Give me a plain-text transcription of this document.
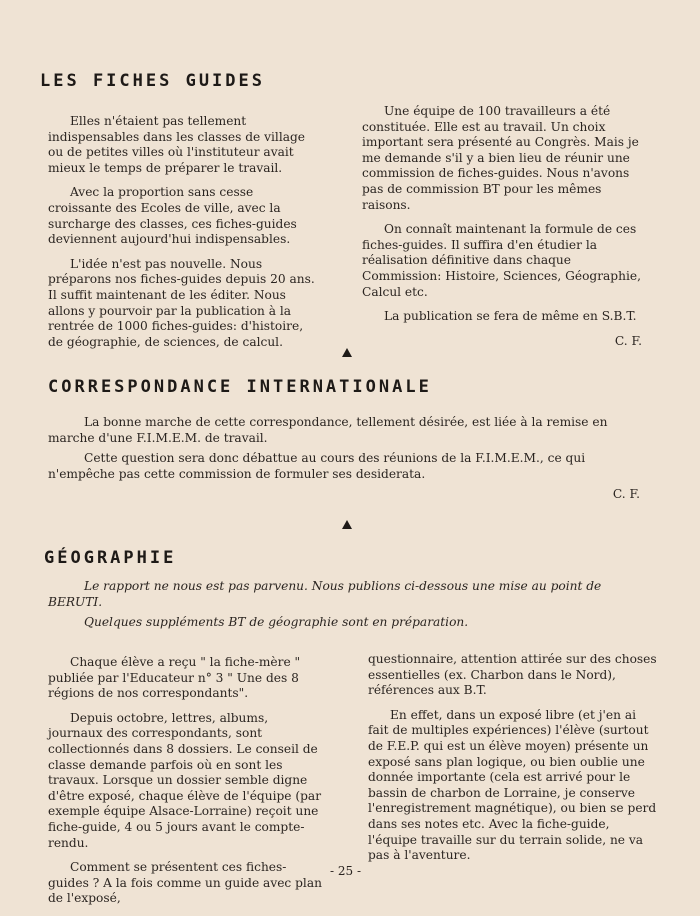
LES FICHES GUIDES

Elles n'étaient pas tellement indispensables dans les classes de village ou de petites villes où l'instituteur avait mieux le temps de préparer le travail.

Avec la proportion sans cesse croissante des Ecoles de ville, avec la surcharge des classes, ces fiches-guides deviennent aujourd'hui indispensables.

L'idée n'est pas nouvelle. Nous préparons nos fiches-guides depuis 20 ans. Il suffit maintenant de les éditer. Nous allons y pourvoir par la publication à la rentrée de 1000 fiches-guides: d'histoire, de géographie, de sciences, de calcul.

Une équipe de 100 travailleurs a été constituée. Elle est au travail. Un choix important sera présenté au Congrès. Mais je me demande s'il y a bien lieu de réunir une commission de fiches-guides. Nous n'avons pas de commission BT pour les mêmes raisons.

On connaît maintenant la formule de ces fiches-guides. Il suffira d'en étudier la réalisation définitive dans chaque Commission: Histoire, Sciences, Géographie, Calcul etc.

La publication se fera de même en S.B.T.

C. F.

CORRESPONDANCE INTERNATIONALE

La bonne marche de cette correspondance, tellement désirée, est liée à la remise en marche d'une F.I.M.E.M. de travail.

Cette question sera donc débattue au cours des réunions de la F.I.M.E.M., ce qui n'empêche pas cette commission de formuler ses desiderata.

C. F.

GÉOGRAPHIE

Le rapport ne nous est pas parvenu. Nous publions ci-dessous une mise au point de BERUTI.

Quelques suppléments BT de géographie sont en préparation.

Chaque élève a reçu " la fiche-mère " publiée par l'Educateur n° 3 " Une des 8 régions de nos correspondants".

Depuis octobre, lettres, albums, journaux des correspondants, sont collectionnés dans 8 dossiers. Le conseil de classe demande parfois où en sont les travaux. Lorsque un dossier semble digne d'être exposé, chaque élève de l'équipe (par exemple équipe Alsace-Lorraine) reçoit une fiche-guide, 4 ou 5 jours avant le compte-rendu.

Comment se présentent ces fiches-guides ? A la fois comme un guide avec plan de l'exposé,

questionnaire, attention attirée sur des choses essentielles (ex. Charbon dans le Nord), références aux B.T.

En effet, dans un exposé libre (et j'en ai fait de multiples expériences) l'élève (surtout de F.E.P. qui est un élève moyen) présente un exposé sans plan logique, ou bien oublie une donnée importante (cela est arrivé pour le bassin de charbon de Lorraine, je conserve l'enregistrement magnétique), ou bien se perd dans ses notes etc. Avec la fiche-guide, l'équipe travaille sur du terrain solide, ne va pas à l'aventure.

- 25 -
